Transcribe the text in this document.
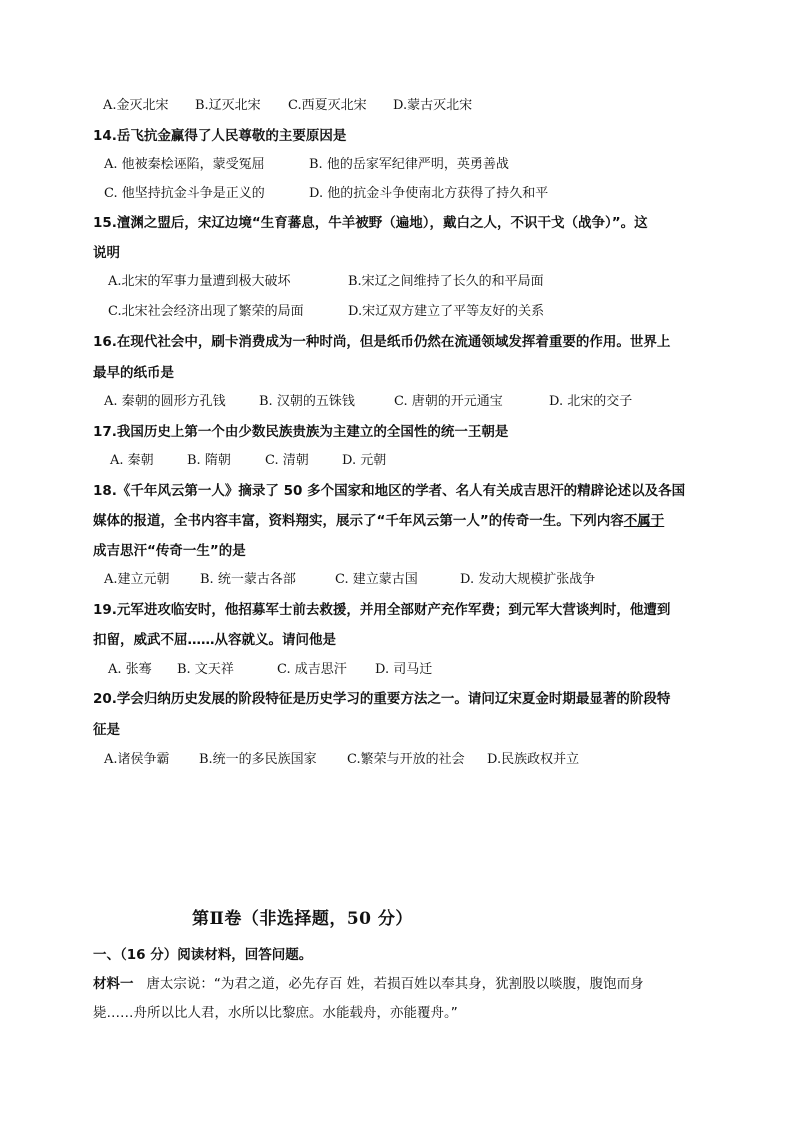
A.金灭北宋 B.辽灭北宋 C.西夏灭北宋 D.蒙古灭北宋
14.岳飞抗金赢得了人民尊敬的主要原因是
A. 他被秦桧诬陷，蒙受冤屈	B. 他的岳家军纪律严明，英勇善战
C. 他坚持抗金斗争是正义的	D. 他的抗金斗争使南北方获得了持久和平
15.澶渊之盟后，宋辽边境“生育蕃息，牛羊被野（遍地），戴白之人，不识干戈（战争）”。这
说明
A.北宋的军事力量遭到极大破坏	B.宋辽之间维持了长久的和平局面
C.北宋社会经济出现了繁荣的局面	D.宋辽双方建立了平等友好的关系
16.在现代社会中，刷卡消费成为一种时尚，但是纸币仍然在流通领域发挥着重要的作用。世界上
最早的纸币是
A. 秦朝的圆形方孔钱	B. 汉朝的五铢钱	C. 唐朝的开元通宝	D. 北宋的交子
17.我国历史上第一个由少数民族贵族为主建立的全国性的统一王朝是
A. 秦朝	B. 隋朝	C. 清朝	D. 元朝
18.《千年风云第一人》摘录了 50 多个国家和地区的学者、名人有关成吉思汗的精辟论述以及各国
媒体的报道，全书内容丰富，资料翔实，展示了“千年风云第一人”的传奇一生。下列内容不属于
成吉思汗“传奇一生”的是
A.建立元朝 B. 统一蒙古各部	C. 建立蒙古国	D. 发动大规模扩张战争
19.元军进攻临安时，他招募军士前去救援，并用全部财产充作军费；到元军大营谈判时，他遭到
扣留，威武不屈……从容就义。请问他是
A. 张骞 B. 文天祥	C. 成吉思汗 D. 司马迁
20.学会归纳历史发展的阶段特征是历史学习的重要方法之一。请问辽宋夏金时期最显著的阶段特
征是
A.诸侯争霸 B.统一的多民族国家 C.繁荣与开放的社会 D.民族政权并立
第Ⅱ卷（非选择题，50 分）
一、（16 分）阅读材料，回答问题。
材料一 唐太宗说：“为君之道，必先存百 姓，若损百姓以奉其身，犹割股以啖腹，腹饱而身
毙……舟所以比人君，水所以比黎庶。水能载舟，亦能覆舟。”
